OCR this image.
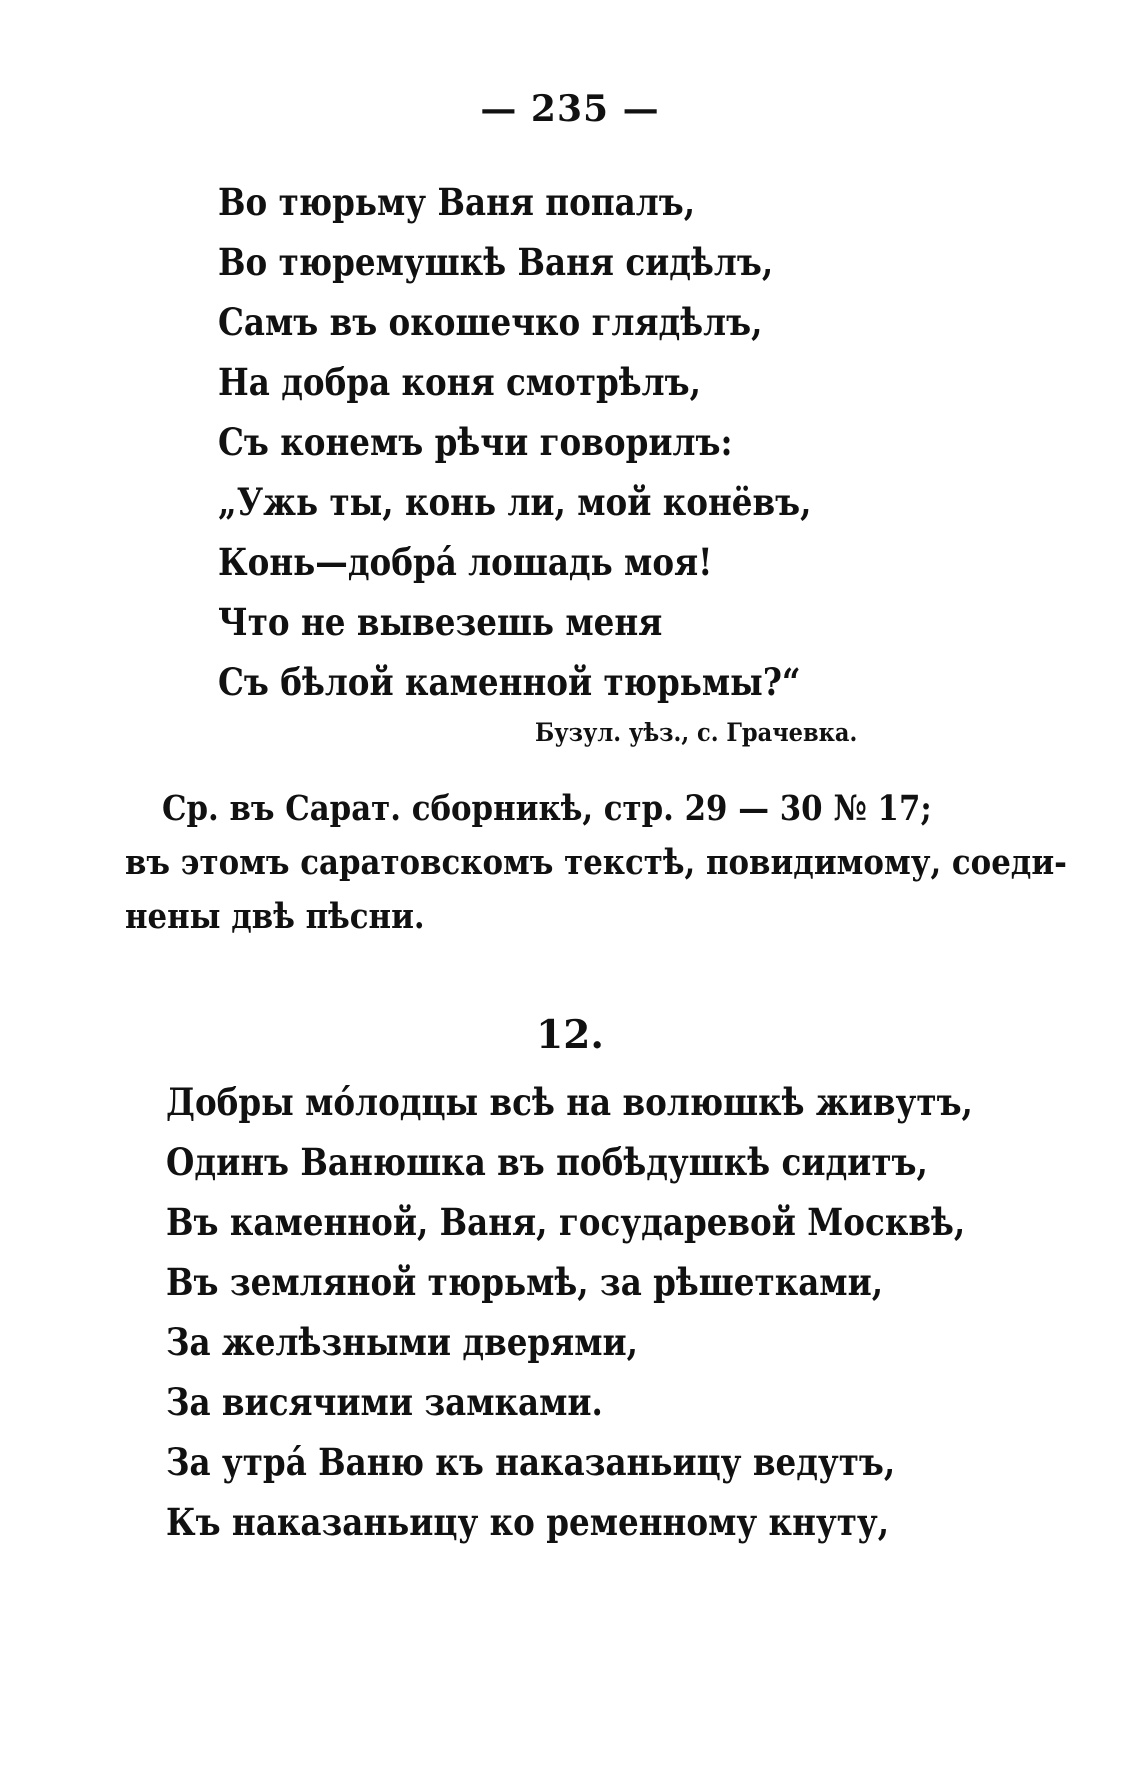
— 235 —
Во тюрьму Ваня попалъ,
Во тюремушкѣ Ваня сидѣлъ,
Самъ въ окошечко глядѣлъ,
На добра коня смотрѣлъ,
Съ конемъ рѣчи говорилъ:
„Ужь ты, конь ли, мой конёвъ,
Конь—добрá лошадь моя!
Что не вывезешь меня
Съ бѣлой каменной тюрьмы?“
Бузул. уѣз., с. Грачевка.
Ср. въ Сарат. сборникѣ, стр. 29 — 30 № 17;
въ этомъ саратовскомъ текстѣ, повидимому, соеди-
нены двѣ пѣсни.
12.
Добры мóлодцы всѣ на волюшкѣ живутъ,
Одинъ Ванюшка въ побѣдушкѣ сидитъ,
Въ каменной, Ваня, государевой Москвѣ,
Въ земляной тюрьмѣ, за рѣшетками,
За желѣзными дверями,
За висячими замками.
За утрá Ваню къ наказаньицу ведутъ,
Къ наказаньицу ко ременному кнуту,
